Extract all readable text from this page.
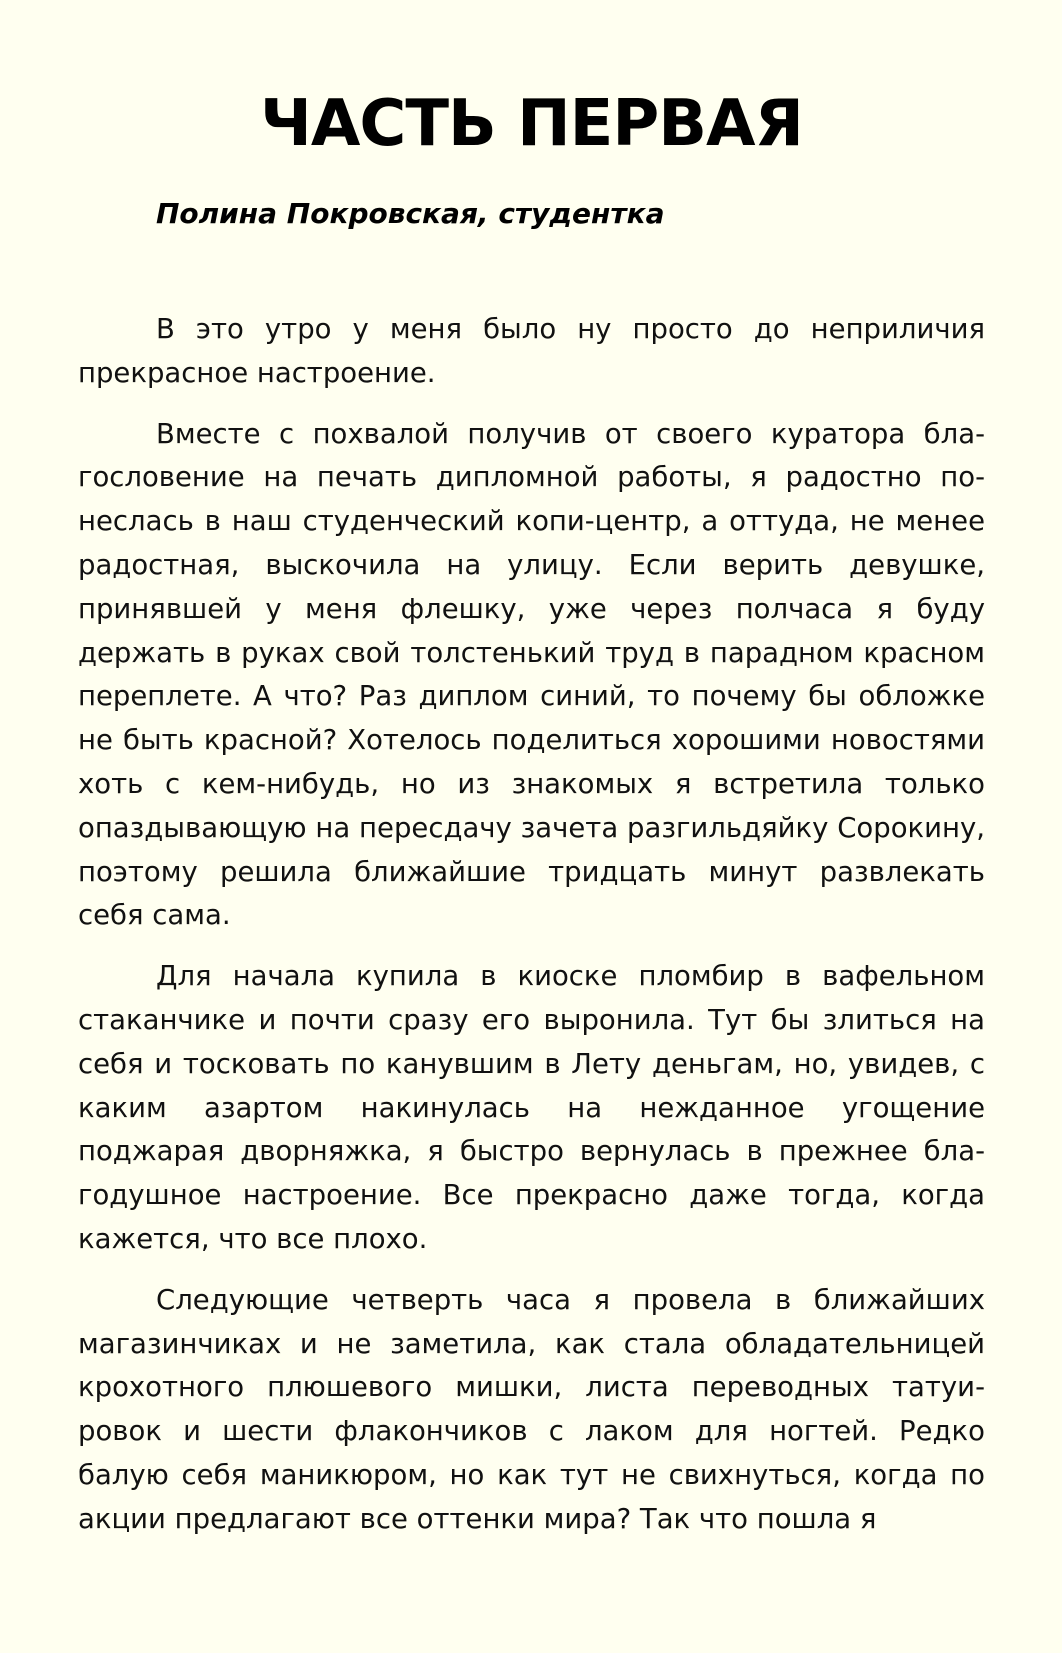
ЧАСТЬ ПЕРВАЯ
Полина Покровская, студентка

В это утро у меня было ну просто до неприличия прекрасное настроение.

Вместе с похвалой получив от своего куратора благословение на печать дипломной работы, я радостно понеслась в наш студенческий копи-центр, а оттуда, не менее радостная, выскочила на улицу. Если верить девушке, принявшей у меня флешку, уже через полчаса я буду держать в руках свой толстенький труд в парадном красном переплете. А что? Раз диплом синий, то почему бы обложке не быть красной? Хотелось поделиться хорошими новостями хоть с кем-нибудь, но из знакомых я встретила только опаздывающую на пересдачу зачета разгильдяйку Сорокину, поэтому решила ближайшие тридцать минут развлекать себя сама.

Для начала купила в киоске пломбир в вафельном стаканчике и почти сразу его выронила. Тут бы злиться на себя и тосковать по канувшим в Лету деньгам, но, увидев, с каким азартом накинулась на нежданное угощение поджарая дворняжка, я быстро вернулась в прежнее благодушное настроение. Все прекрасно даже тогда, когда кажется, что все плохо.

Следующие четверть часа я провела в ближайших магазинчиках и не заметила, как стала обладательницей крохотного плюшевого мишки, листа переводных татуировок и шести флакончиков с лаком для ногтей. Редко балую себя маникюром, но как тут не свихнуться, когда по акции предлагают все оттенки мира? Так что пошла я
